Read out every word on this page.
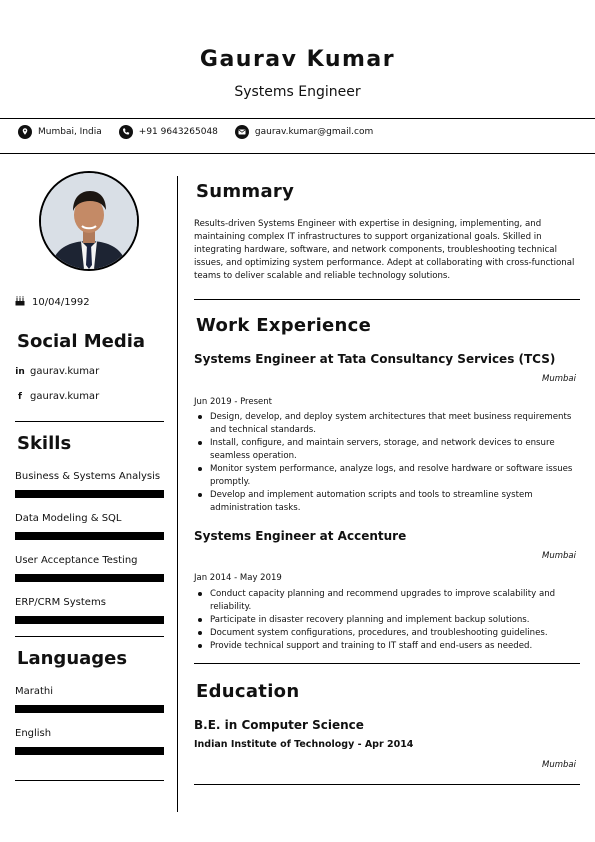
Gaurav Kumar
Systems Engineer
Mumbai, India	+91 9643265048	gaurav.kumar@gmail.com
10/04/1992
Social Media
in gaurav.kumar
f gaurav.kumar
Skills
Business & Systems Analysis
Data Modeling & SQL
User Acceptance Testing
ERP/CRM Systems
Languages
Marathi
English
Summary
Results-driven Systems Engineer with expertise in designing, implementing, and maintaining complex IT infrastructures to support organizational goals. Skilled in integrating hardware, software, and network components, troubleshooting technical issues, and optimizing system performance. Adept at collaborating with cross-functional teams to deliver scalable and reliable technology solutions.
Work Experience
Systems Engineer at Tata Consultancy Services (TCS)
Mumbai
Jun 2019 - Present
Design, develop, and deploy system architectures that meet business requirements and technical standards.
Install, configure, and maintain servers, storage, and network devices to ensure seamless operation.
Monitor system performance, analyze logs, and resolve hardware or software issues promptly.
Develop and implement automation scripts and tools to streamline system administration tasks.
Systems Engineer at Accenture
Mumbai
Jan 2014 - May 2019
Conduct capacity planning and recommend upgrades to improve scalability and reliability.
Participate in disaster recovery planning and implement backup solutions.
Document system configurations, procedures, and troubleshooting guidelines.
Provide technical support and training to IT staff and end-users as needed.
Education
B.E. in Computer Science
Indian Institute of Technology - Apr 2014
Mumbai
